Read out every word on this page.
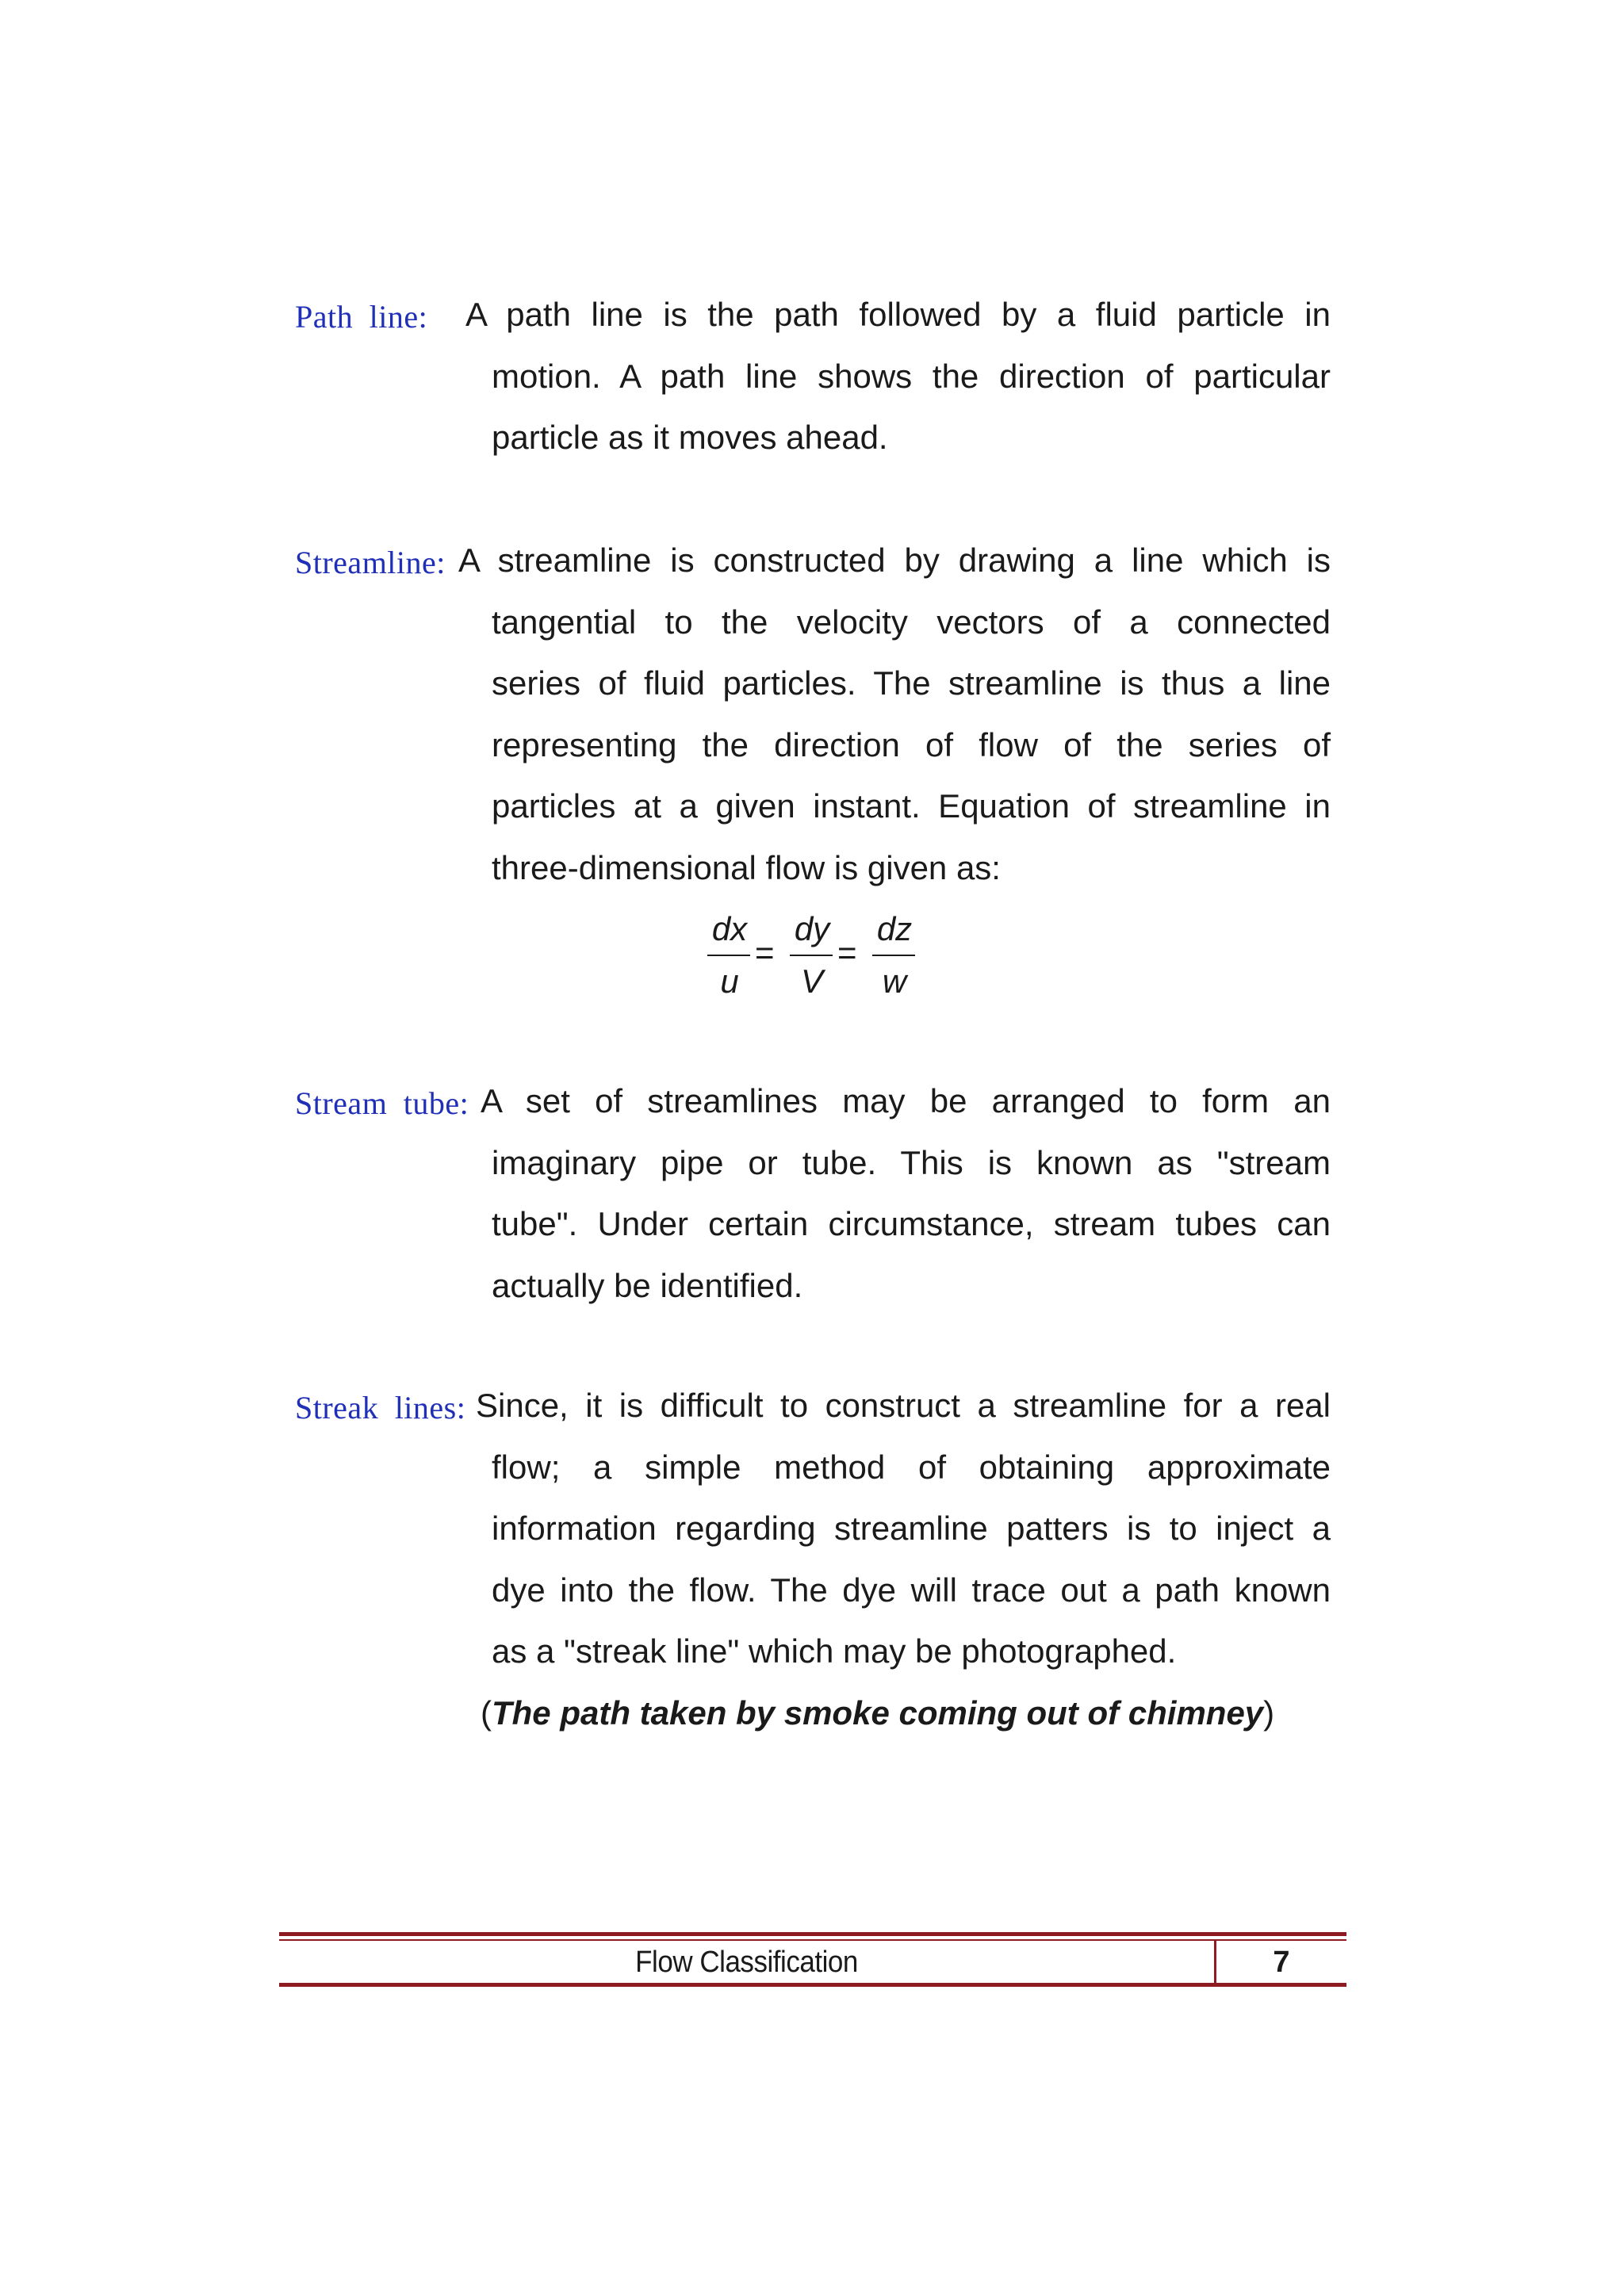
Path line: A path line is the path followed by a fluid particle in
motion. A path line shows the direction of particular
particle as it moves ahead.
Streamline: A streamline is constructed by drawing a line which is
tangential to the velocity vectors of a connected
series of fluid particles. The streamline is thus a line
representing the direction of flow of the series of
particles at a given instant. Equation of streamline in
three-dimensional flow is given as:
dx
u
=
dy
V
=
dz
w
Stream tube: A set of streamlines may be arranged to form an
imaginary pipe or tube. This is known as "stream
tube". Under certain circumstance, stream tubes can
actually be identified.
Streak lines: Since, it is difficult to construct a streamline for a real
flow; a simple method of obtaining approximate
information regarding streamline patters is to inject a
dye into the flow. The dye will trace out a path known
as a "streak line" which may be photographed.
(The path taken by smoke coming out of chimney)
Flow Classification	7
